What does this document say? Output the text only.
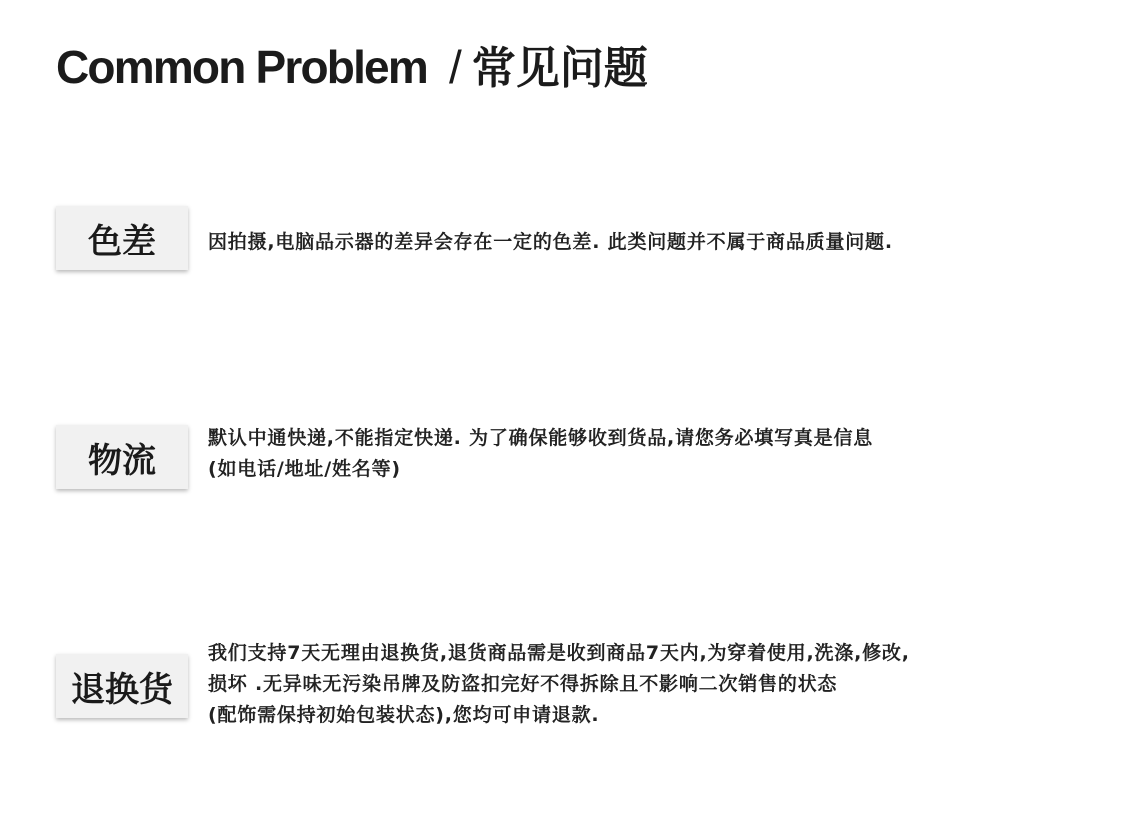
Common Problem / 常见问题
色差	因拍摄,电脑品示器的差异会存在一定的色差. 此类问题并不属于商品质量问题.
物流
默认中通快递,不能指定快递. 为了确保能够收到货品,请您务必填写真是信息
(如电话/地址/姓名等)
退换货
我们支持7天无理由退换货,退货商品需是收到商品7天内,为穿着使用,洗涤,修改,
损坏 .无异味无污染吊牌及防盗扣完好不得拆除且不影响二次销售的状态
(配饰需保持初始包装状态),您均可申请退款.
